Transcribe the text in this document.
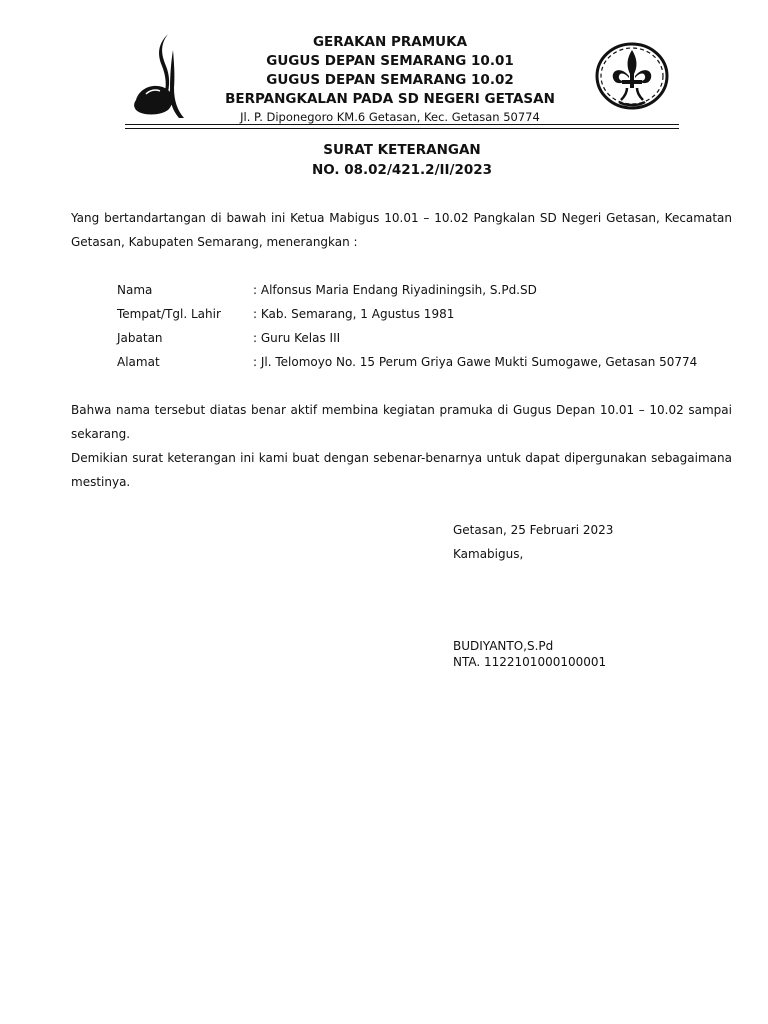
GERAKAN PRAMUKA
GUGUS DEPAN SEMARANG 10.01
GUGUS DEPAN SEMARANG 10.02
BERPANGKALAN PADA SD NEGERI GETASAN
Jl. P. Diponegoro KM.6 Getasan, Kec. Getasan 50774
SURAT KETERANGAN
NO. 08.02/421.2/II/2023
Yang bertandartangan di bawah ini Ketua Mabigus 10.01 – 10.02 Pangkalan SD Negeri Getasan, Kecamatan Getasan, Kabupaten Semarang, menerangkan :
Nama	: Alfonsus Maria Endang Riyadiningsih, S.Pd.SD
Tempat/Tgl. Lahir	: Kab. Semarang, 1 Agustus 1981
Jabatan	: Guru Kelas III
Alamat	: Jl. Telomoyo No. 15 Perum Griya Gawe Mukti Sumogawe, Getasan 50774
Bahwa nama tersebut diatas benar aktif membina kegiatan pramuka di Gugus Depan 10.01 – 10.02 sampai sekarang.
Demikian surat keterangan ini kami buat dengan sebenar-benarnya untuk dapat dipergunakan sebagaimana mestinya.
Getasan, 25 Februari 2023
Kamabigus,
BUDIYANTO,S.Pd
NTA. 1122101000100001
